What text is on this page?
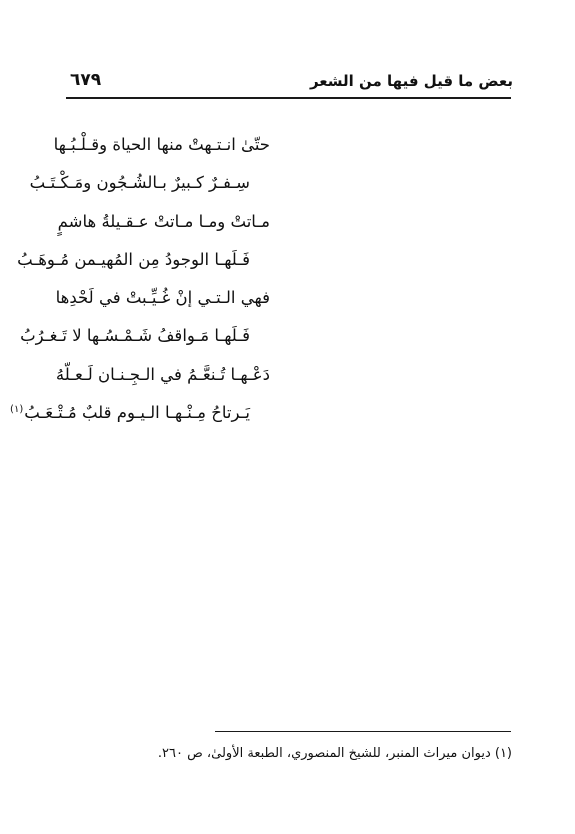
بعض ما قيل فيها من الشعر
٦٧٩
حتّىٰ انـتـهتْ منها الحياة وقـلْـبُـها
سِـفـرٌ كـبيرٌ بـالشُـجُون ومَـكْـتَـبُ
مـاتتْ ومـا مـاتتْ عـقـيلةُ هاشمٍ
فَـلَهـا الوجودُ مِن المُهيـمن مُـوهَـبُ
فهي الـتـي إنْ غُـيِّـبتْ في لَحْدِها
فَـلَهـا مَـواقفُ شَـمْـسُـها لا تَـغـرُبُ
دَعْـهـا تُـنعَّـمُ في الـجِـنـان لَـعـلّهُ
يَـرتاحُ مِـنْـهـا الـيـوم قلبٌ مُـتْـعَـبُ$^{(١)}$
(١) ديوان ميراث المنبر، للشيخ المنصوري، الطبعة الأولىٰ، ص ٢٦٠.
